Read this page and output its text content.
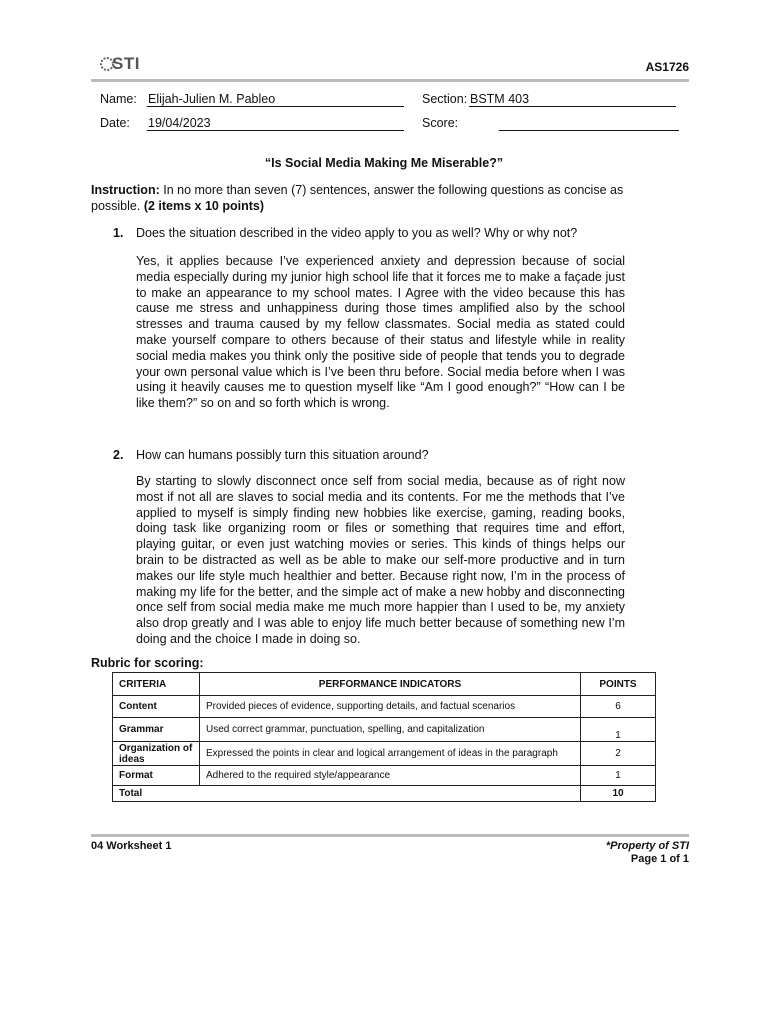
STI	AS1726
Name: Elijah-Julien M. Pableo	Section: BSTM 403
Date: 19/04/2023	Score:
“Is Social Media Making Me Miserable?”
Instruction: In no more than seven (7) sentences, answer the following questions as concise as possible. (2 items x 10 points)
1. Does the situation described in the video apply to you as well? Why or why not?
Yes, it applies because I’ve experienced anxiety and depression because of social media especially during my junior high school life that it forces me to make a façade just to make an appearance to my school mates. I Agree with the video because this has cause me stress and unhappiness during those times amplified also by the school stresses and trauma caused by my fellow classmates. Social media as stated could make yourself compare to others because of their status and lifestyle while in reality social media makes you think only the positive side of people that tends you to degrade your own personal value which is I’ve been thru before. Social media before when I was using it heavily causes me to question myself like “Am I good enough?” “How can I be like them?” so on and so forth which is wrong.
2. How can humans possibly turn this situation around?
By starting to slowly disconnect once self from social media, because as of right now most if not all are slaves to social media and its contents. For me the methods that I’ve applied to myself is simply finding new hobbies like exercise, gaming, reading books, doing task like organizing room or files or something that requires time and effort, playing guitar, or even just watching movies or series. This kinds of things helps our brain to be distracted as well as be able to make our self-more productive and in turn makes our life style much healthier and better. Because right now, I’m in the process of making my life for the better, and the simple act of make a new hobby and disconnecting once self from social media make me much more happier than I used to be, my anxiety also drop greatly and I was able to enjoy life much better because of something new I’m doing and the choice I made in doing so.
Rubric for scoring:
CRITERIA	PERFORMANCE INDICATORS	POINTS
Content	Provided pieces of evidence, supporting details, and factual scenarios	6
Grammar	Used correct grammar, punctuation, spelling, and capitalization	1
Organization of ideas	Expressed the points in clear and logical arrangement of ideas in the paragraph	2
Format	Adhered to the required style/appearance	1
Total		10
04 Worksheet 1	*Property of STI
Page 1 of 1
